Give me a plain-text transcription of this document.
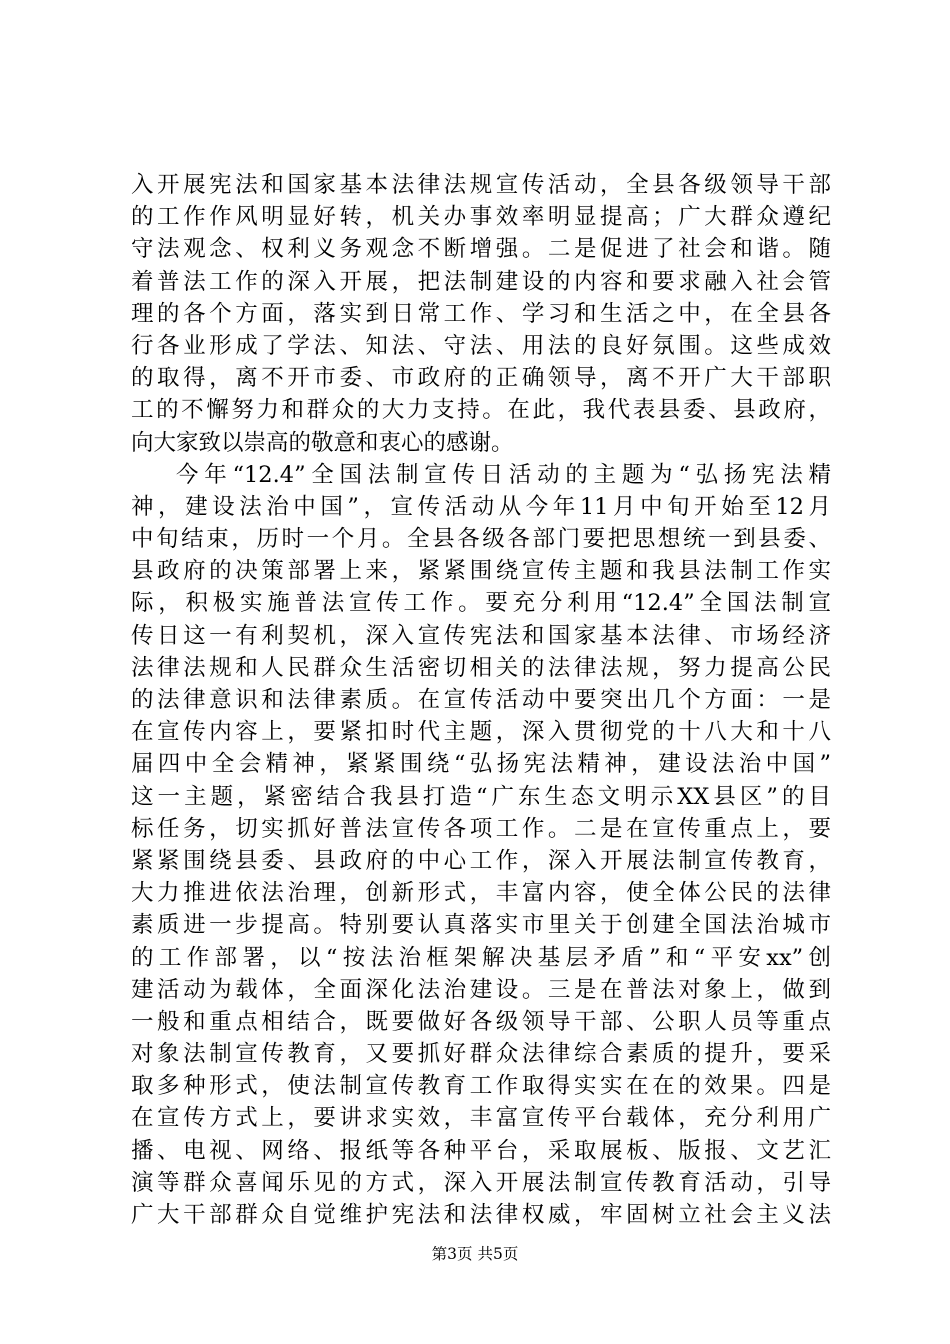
入开展宪法和国家基本法律法规宣传活动，全县各级领导干部
的工作作风明显好转，机关办事效率明显提高；广大群众遵纪
守法观念、权利义务观念不断增强。二是促进了社会和谐。随
着普法工作的深入开展，把法制建设的内容和要求融入社会管
理的各个方面，落实到日常工作、学习和生活之中，在全县各
行各业形成了学法、知法、守法、用法的良好氛围。这些成效
的取得，离不开市委、市政府的正确领导，离不开广大干部职
工的不懈努力和群众的大力支持。在此，我代表县委、县政府，
向大家致以崇高的敬意和衷心的感谢。
今年“12.4”全国法制宣传日活动的主题为“弘扬宪法精
神，建设法治中国”，宣传活动从今年11月中旬开始至12月
中旬结束，历时一个月。全县各级各部门要把思想统一到县委、
县政府的决策部署上来，紧紧围绕宣传主题和我县法制工作实
际，积极实施普法宣传工作。要充分利用“12.4”全国法制宣
传日这一有利契机，深入宣传宪法和国家基本法律、市场经济
法律法规和人民群众生活密切相关的法律法规，努力提高公民
的法律意识和法律素质。在宣传活动中要突出几个方面：一是
在宣传内容上，要紧扣时代主题，深入贯彻党的十八大和十八
届四中全会精神，紧紧围绕“弘扬宪法精神，建设法治中国”
这一主题，紧密结合我县打造“广东生态文明示XX县区”的目
标任务，切实抓好普法宣传各项工作。二是在宣传重点上，要
紧紧围绕县委、县政府的中心工作，深入开展法制宣传教育，
大力推进依法治理，创新形式，丰富内容，使全体公民的法律
素质进一步提高。特别要认真落实市里关于创建全国法治城市
的工作部署，以“按法治框架解决基层矛盾”和“平安xx”创
建活动为载体，全面深化法治建设。三是在普法对象上，做到
一般和重点相结合，既要做好各级领导干部、公职人员等重点
对象法制宣传教育，又要抓好群众法律综合素质的提升，要采
取多种形式，使法制宣传教育工作取得实实在在的效果。四是
在宣传方式上，要讲求实效，丰富宣传平台载体，充分利用广
播、电视、网络、报纸等各种平台，采取展板、版报、文艺汇
演等群众喜闻乐见的方式，深入开展法制宣传教育活动，引导
广大干部群众自觉维护宪法和法律权威，牢固树立社会主义法
第3页 共5页
